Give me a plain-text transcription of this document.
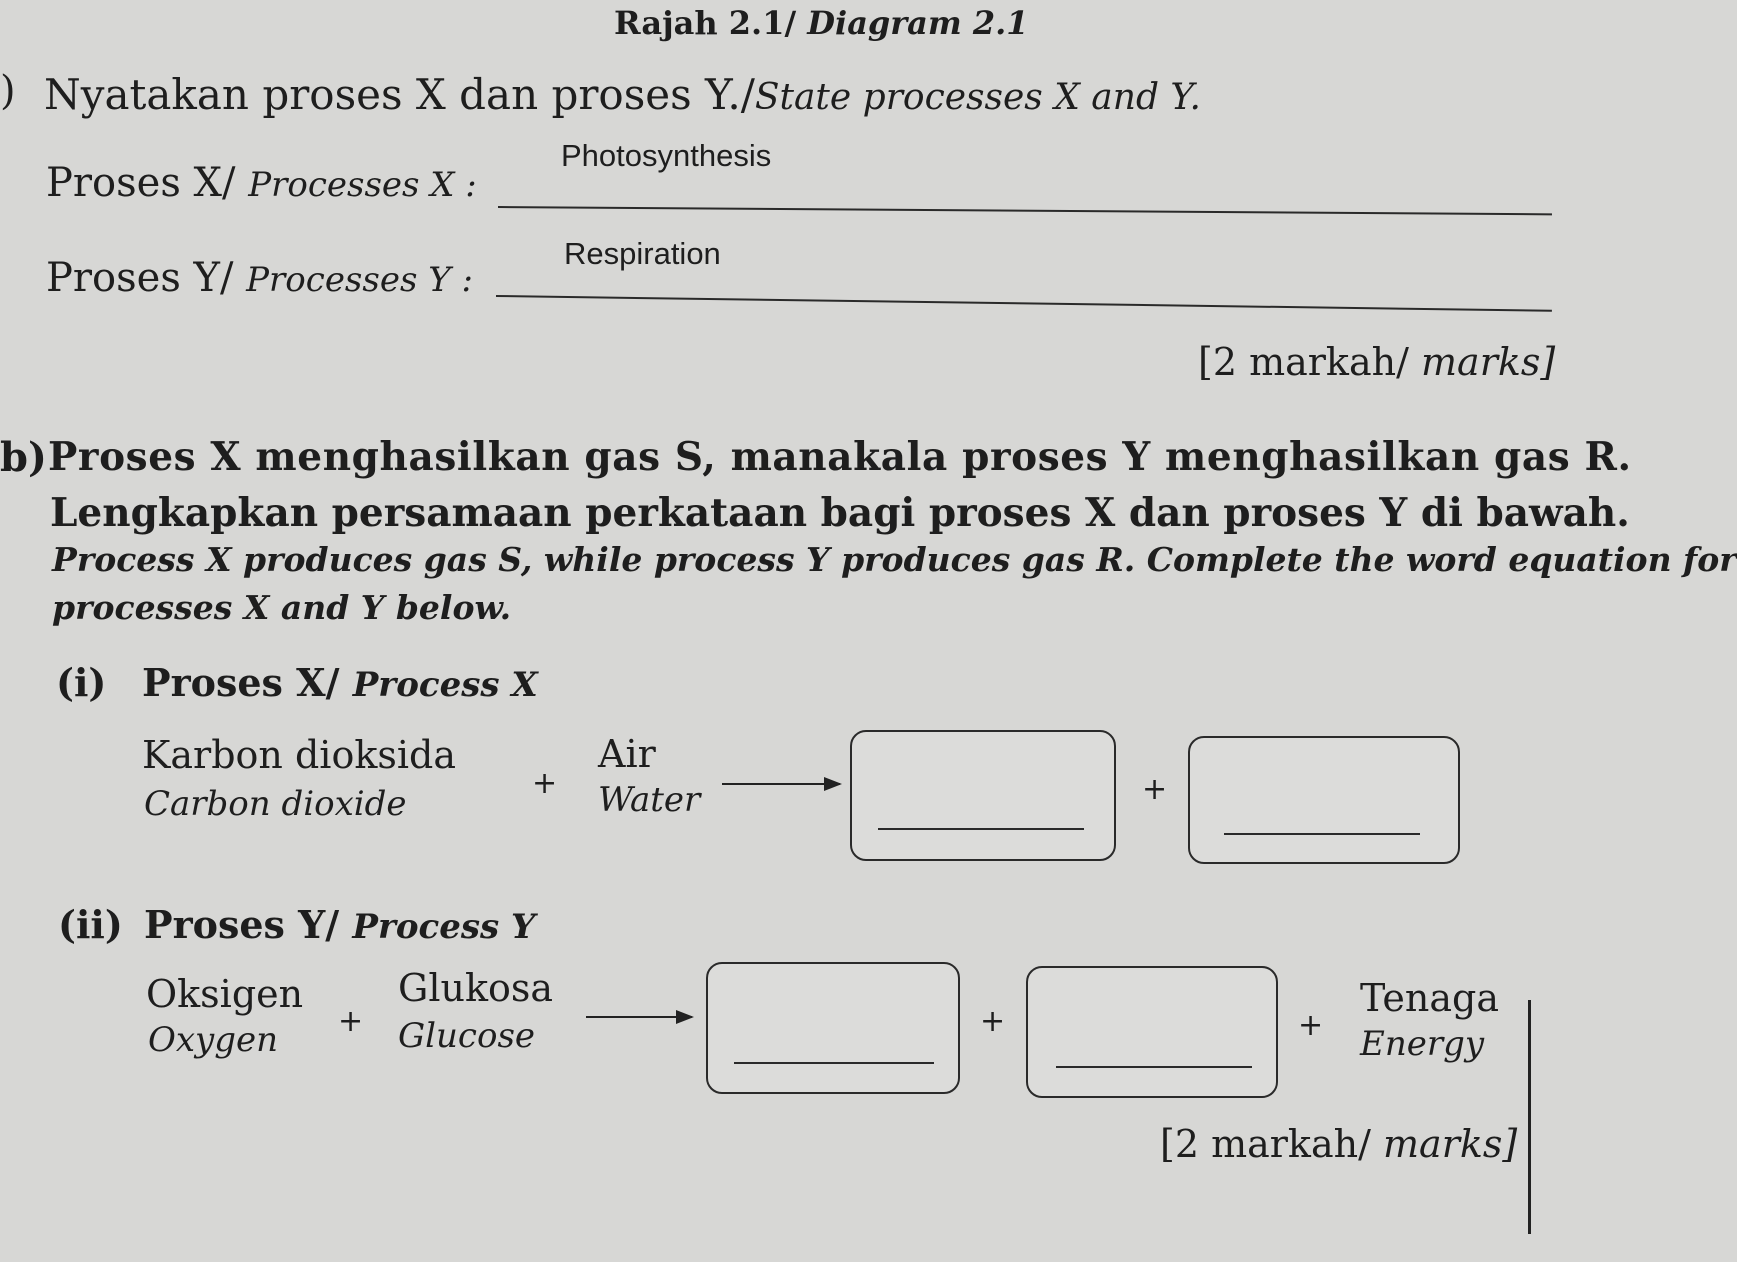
Rajah 2.1/ Diagram 2.1
) Nyatakan proses X dan proses Y./State processes X and Y.
Proses X/ Processes X :
Photosynthesis
Proses Y/ Processes Y :
Respiration
[2 markah/ marks]
b) Proses X menghasilkan gas S, manakala proses Y menghasilkan gas R.
Lengkapkan persamaan perkataan bagi proses X dan proses Y di bawah.
Process X produces gas S, while process Y produces gas R. Complete the word equation for
processes X and Y below.
(i) Proses X/ Process X
Karbon dioksida
Carbon dioxide
+
Air
Water	+
(ii) Proses Y/ Process Y
Oksigen
Oxygen +
Glukosa
Glucose	+	+
Tenaga
Energy
[2 markah/ marks]
